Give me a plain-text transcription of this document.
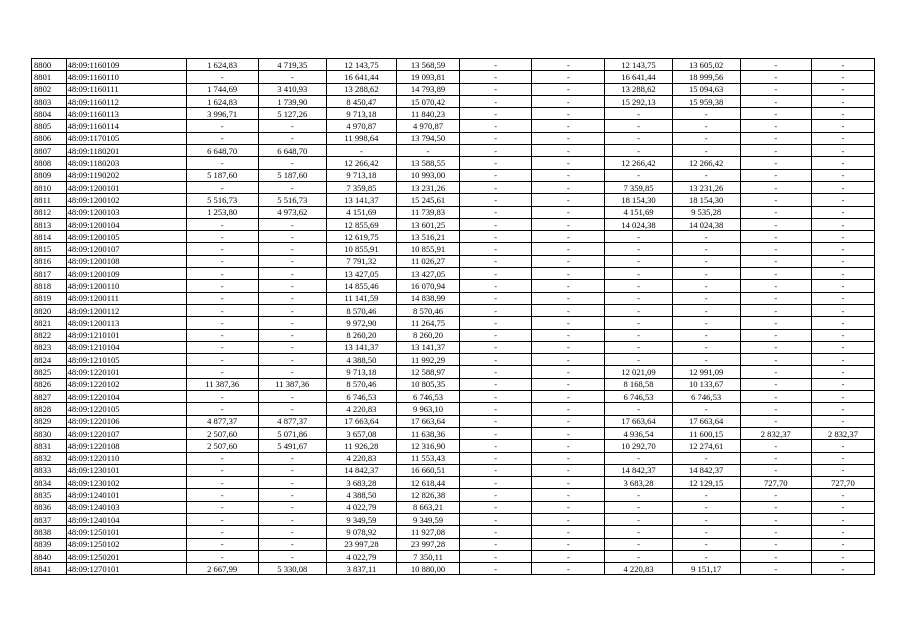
8800	48:09:1160109	1 624,83	4 719,35	12 143,75	13 568,59	-	-	12 143,75	13 605,02	-	-
8801	48:09:1160110	-	-	16 641,44	19 093,81	-	-	16 641,44	18 999,56	-	-
8802	48:09:1160111	1 744,69	3 410,93	13 288,62	14 793,89	-	-	13 288,62	15 094,63	-	-
8803	48:09:1160112	1 624,83	1 739,90	8 450,47	15 070,42	-	-	15 292,13	15 959,38	-	-
8804	48:09:1160113	3 996,71	5 127,26	9 713,18	11 840,23	-	-	-	-	-	-
8805	48:09:1160114	-	-	4 970,87	4 970,87	-	-	-	-	-	-
8806	48:09:1170105	-	-	11 998,64	13 794,50	-	-	-	-	-	-
8807	48:09:1180201	6 648,70	6 648,70	-	-	-	-	-	-	-	-
8808	48:09:1180203	-	-	12 266,42	13 588,55	-	-	12 266,42	12 266,42	-	-
8809	48:09:1190202	5 187,60	5 187,60	9 713,18	10 993,00	-	-	-	-	-	-
8810	48:09:1200101	-	-	7 359,85	13 231,26	-	-	7 359,85	13 231,26	-	-
8811	48:09:1200102	5 516,73	5 516,73	13 141,37	15 245,61	-	-	18 154,30	18 154,30	-	-
8812	48:09:1200103	1 253,80	4 973,62	4 151,69	11 739,83	-	-	4 151,69	9 535,28	-	-
8813	48:09:1200104	-	-	12 855,69	13 601,25	-	-	14 024,38	14 024,38	-	-
8814	48:09:1200105	-	-	12 619,75	13 516,21	-	-	-	-	-	-
8815	48:09:1200107	-	-	10 855,91	10 855,91	-	-	-	-	-	-
8816	48:09:1200108	-	-	7 791,32	11 026,27	-	-	-	-	-	-
8817	48:09:1200109	-	-	13 427,05	13 427,05	-	-	-	-	-	-
8818	48:09:1200110	-	-	14 855,46	16 070,94	-	-	-	-	-	-
8819	48:09:1200111	-	-	11 141,59	14 838,99	-	-	-	-	-	-
8820	48:09:1200112	-	-	8 570,46	8 570,46	-	-	-	-	-	-
8821	48:09:1200113	-	-	9 972,90	11 264,75	-	-	-	-	-	-
8822	48:09:1210101	-	-	8 260,20	8 260,20	-	-	-	-	-	-
8823	48:09:1210104	-	-	13 141,37	13 141,37	-	-	-	-	-	-
8824	48:09:1210105	-	-	4 388,50	11 992,29	-	-	-	-	-	-
8825	48:09:1220101	-	-	9 713,18	12 588,97	-	-	12 021,09	12 991,09	-	-
8826	48:09:1220102	11 387,36	11 387,36	8 570,46	10 805,35	-	-	8 168,58	10 133,67	-	-
8827	48:09:1220104	-	-	6 746,53	6 746,53	-	-	6 746,53	6 746,53	-	-
8828	48:09:1220105	-	-	4 220,83	9 963,10	-	-	-	-	-	-
8829	48:09:1220106	4 877,37	4 877,37	17 663,64	17 663,64	-	-	17 663,64	17 663,64	-	-
8830	48:09:1220107	2 507,60	5 071,86	3 657,08	11 638,36	-	-	4 936,54	11 600,15	2 832,37	2 832,37
8831	48:09:1220108	2 507,60	5 491,67	11 926,28	12 316,90	-	-	10 292,70	12 274,61	-	-
8832	48:09:1220110	-	-	4 220,83	11 553,43	-	-	-	-	-	-
8833	48:09:1230101	-	-	14 842,37	16 660,51	-	-	14 842,37	14 842,37	-	-
8834	48:09:1230102	-	-	3 683,28	12 618,44	-	-	3 683,28	12 129,15	727,70	727,70
8835	48:09:1240101	-	-	4 388,50	12 826,38	-	-	-	-	-	-
8836	48:09:1240103	-	-	4 022,79	8 663,21	-	-	-	-	-	-
8837	48:09:1240104	-	-	9 349,59	9 349,59	-	-	-	-	-	-
8838	48:09:1250101	-	-	9 078,92	11 927,08	-	-	-	-	-	-
8839	48:09:1250102	-	-	23 997,28	23 997,28	-	-	-	-	-	-
8840	48:09:1250201	-	-	4 022,79	7 350,11	-	-	-	-	-	-
8841	48:09:1270101	2 667,99	5 330,08	3 837,11	10 880,00	-	-	4 220,83	9 151,17	-	-
